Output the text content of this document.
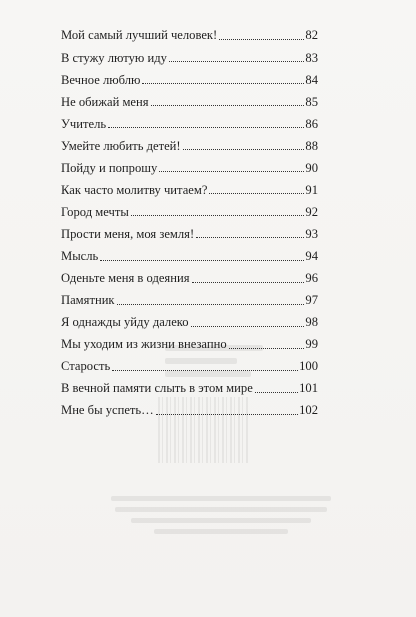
Мой самый лучший человек!	82
В стужу лютую иду	83
Вечное люблю	84
Не обижай меня	85
Учитель	86
Умейте любить детей!	88
Пойду и попрошу	90
Как часто молитву читаем?	91
Город мечты	92
Прости меня, моя земля!	93
Мысль	94
Оденьте меня в одеяния	96
Памятник	97
Я однажды уйду далеко	98
Мы уходим из жизни внезапно	99
Старость	100
В вечной памяти слыть в этом мире	101
Мне бы успеть…	102
